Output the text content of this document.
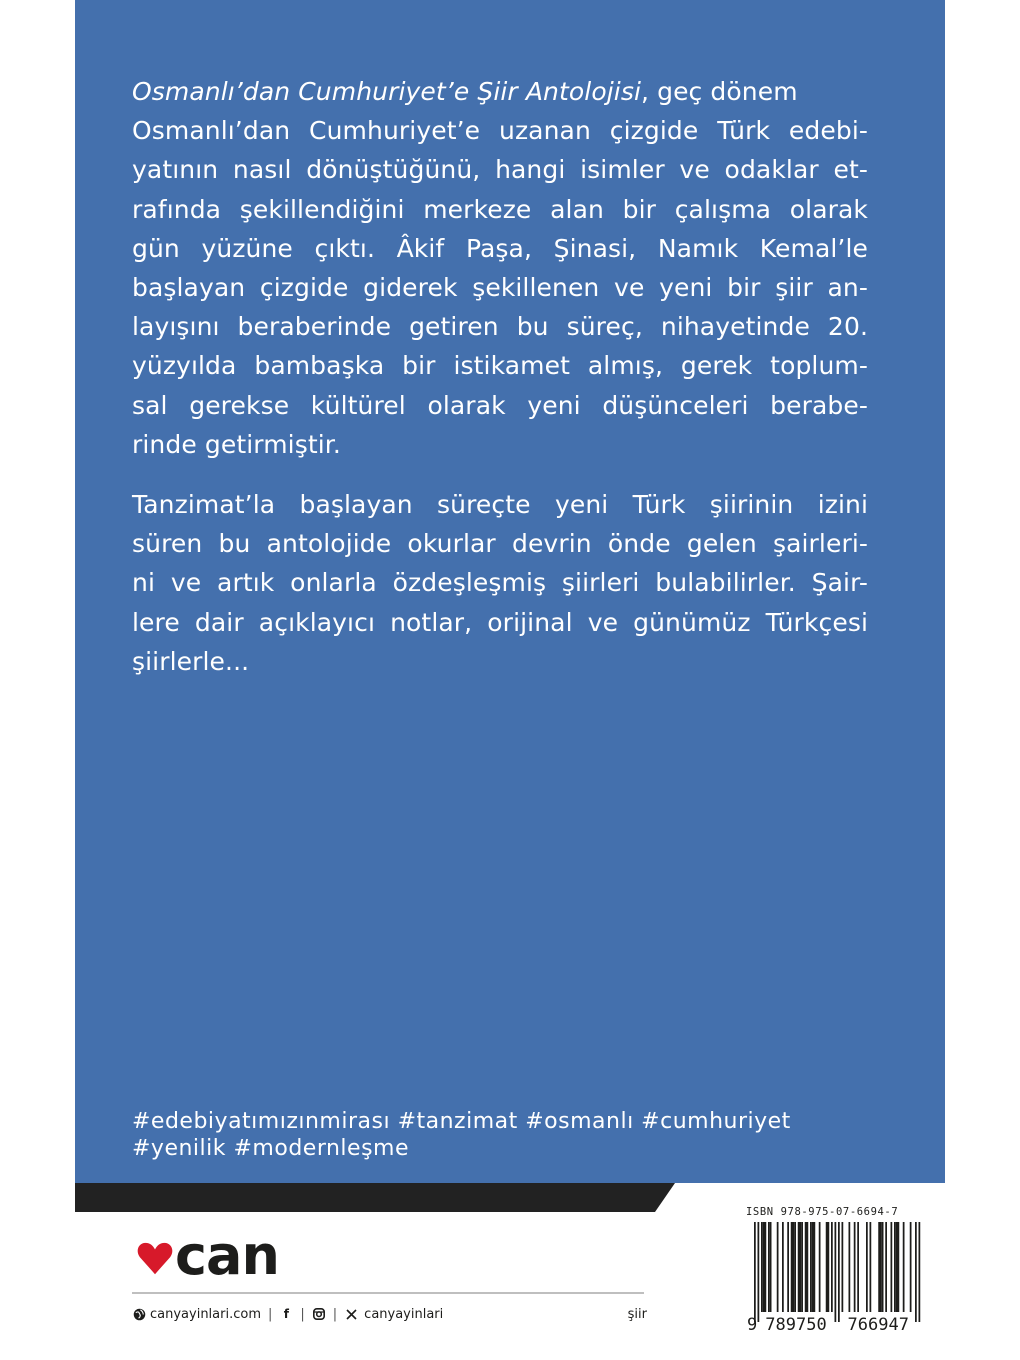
Osmanlı’dan Cumhuriyet’e Şiir Antolojisi, geç dönem
Osmanlı’dan Cumhuriyet’e uzanan çizgide Türk edebi-
yatının nasıl dönüştüğünü, hangi isimler ve odaklar et-
rafında şekillendiğini merkeze alan bir çalışma olarak
gün yüzüne çıktı. Âkif Paşa, Şinasi, Namık Kemal’le
başlayan çizgide giderek şekillenen ve yeni bir şiir an-
layışını beraberinde getiren bu süreç, nihayetinde 20.
yüzyılda bambaşka bir istikamet almış, gerek toplum-
sal gerekse kültürel olarak yeni düşünceleri berabe-
rinde getirmiştir.
Tanzimat’la başlayan süreçte yeni Türk şiirinin izini
süren bu antolojide okurlar devrin önde gelen şairleri-
ni ve artık onlarla özdeşleşmiş şiirleri bulabilirler. Şair-
lere dair açıklayıcı notlar, orijinal ve günümüz Türkçesi
şiirlerle...
#edebiyatımızınmirası #tanzimat #osmanlı #cumhuriyet
#yenilik #modernleşme
can
canyayinlari.com | f | | canyayinlari	şiir
ISBN 978-975-07-6694-7
9 789750 766947
